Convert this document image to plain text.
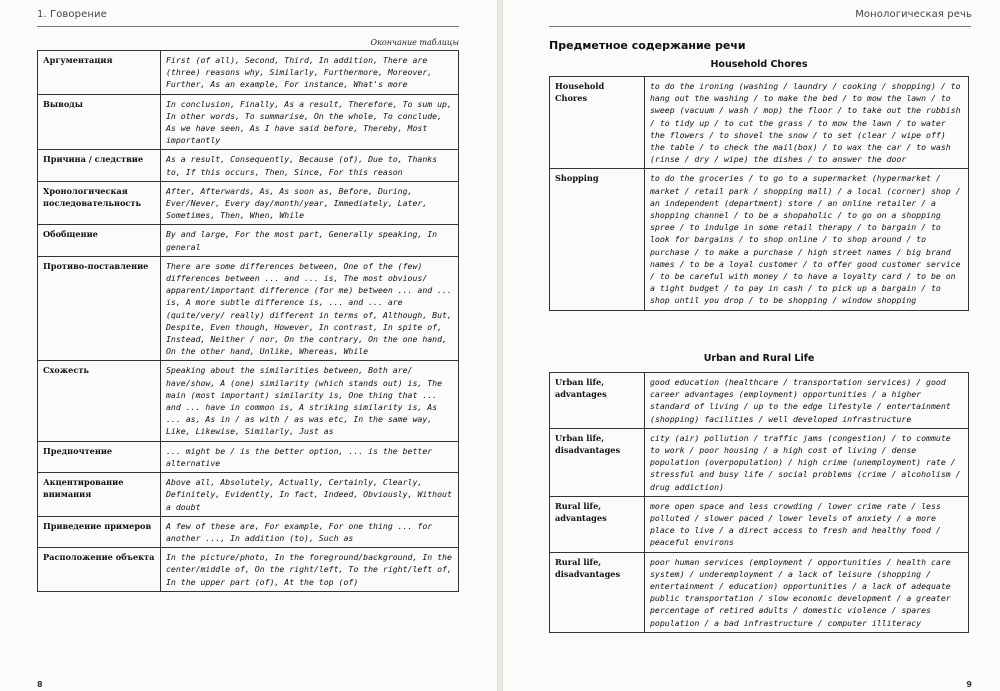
1. Говорение
Окончание таблицы
Аргументация	First (of all), Second, Third, In addition, There are (three) reasons why, Similarly, Furthermore, Moreover, Further, As an example, For instance, What's more
Выводы	In conclusion, Finally, As a result, Therefore, To sum up, In other words, To summarise, On the whole, To conclude, As we have seen, As I have said before, Thereby, Most importantly
Причина / следствие	As a result, Consequently, Because (of), Due to, Thanks to, If this occurs, Then, Since, For this reason
Хронологическая последовательность	After, Afterwards, As, As soon as, Before, During, Ever/Never, Every day/month/year, Immediately, Later, Sometimes, Then, When, While
Обобщение	By and large, For the most part, Generally speaking, In general
Противо-поставление	There are some differences between, One of the (few) differences between ... and ... is, The most obvious/ apparent/important difference (for me) between ... and ... is, A more subtle difference is, ... and ... are (quite/very/ really) different in terms of, Although, But, Despite, Even though, However, In contrast, In spite of, Instead, Neither / nor, On the contrary, On the one hand, On the other hand, Unlike, Whereas, While
Схожесть	Speaking about the similarities between, Both are/ have/show, A (one) similarity (which stands out) is, The main (most important) similarity is, One thing that ... and ... have in common is, A striking similarity is, As ... as, As in / as with / as was etc, In the same way, Like, Likewise, Similarly, Just as
Предпочтение	... might be / is the better option, ... is the better alternative
Акцентирование внимания	Above all, Absolutely, Actually, Certainly, Clearly, Definitely, Evidently, In fact, Indeed, Obviously, Without a doubt
Приведение примеров	A few of these are, For example, For one thing ... for another ..., In addition (to), Such as
Расположение объекта	In the picture/photo, In the foreground/background, In the center/middle of, On the right/left, To the right/left of, In the upper part (of), At the top (of)
8
Монологическая речь
9
Предметное содержание речи
Household Chores
Household Chores	to do the ironing (washing / laundry / cooking / shopping) / to hang out the washing / to make the bed / to mow the lawn / to sweep (vacuum / wash / mop) the floor / to take out the rubbish / to tidy up / to cut the grass / to mow the lawn / to water the flowers / to shovel the snow / to set (clear / wipe off) the table / to check the mail(box) / to wax the car / to wash (rinse / dry / wipe) the dishes / to answer the door
Shopping	to do the groceries / to go to a supermarket (hypermarket / market / retail park / shopping mall) / a local (corner) shop / an independent (department) store / an online retailer / a shopping channel / to be a shopaholic / to go on a shopping spree / to indulge in some retail therapy / to bargain / to look for bargains / to shop online / to shop around / to purchase / to make a purchase / high street names / big brand names / to be a loyal customer / to offer good customer service / to be careful with money / to have a loyalty card / to be on a tight budget / to pay in cash / to pick up a bargain / to shop until you drop / to be shopping / window shopping
Urban and Rural Life
Urban life, advantages	good education (healthcare / transportation services) / good career advantages (employment) opportunities / a higher standard of living / up to the edge lifestyle / entertainment (shopping) facilities / well developed infrastructure
Urban life, disadvantages	city (air) pollution / traffic jams (congestion) / to commute to work / poor housing / a high cost of living / dense population (overpopulation) / high crime (unemployment) rate / stressful and busy life / social problems (crime / alcoholism / drug addiction)
Rural life, advantages	more open space and less crowding / lower crime rate / less polluted / slower paced / lower levels of anxiety / a more place to live / a direct access to fresh and healthy food / peaceful environs
Rural life, disadvantages	poor human services (employment / opportunities / health care system) / underemployment / a lack of leisure (shopping / entertainment / education) opportunities / a lack of adequate public transportation / slow economic development / a greater percentage of retired adults / domestic violence / spares population / a bad infrastructure / computer illiteracy
